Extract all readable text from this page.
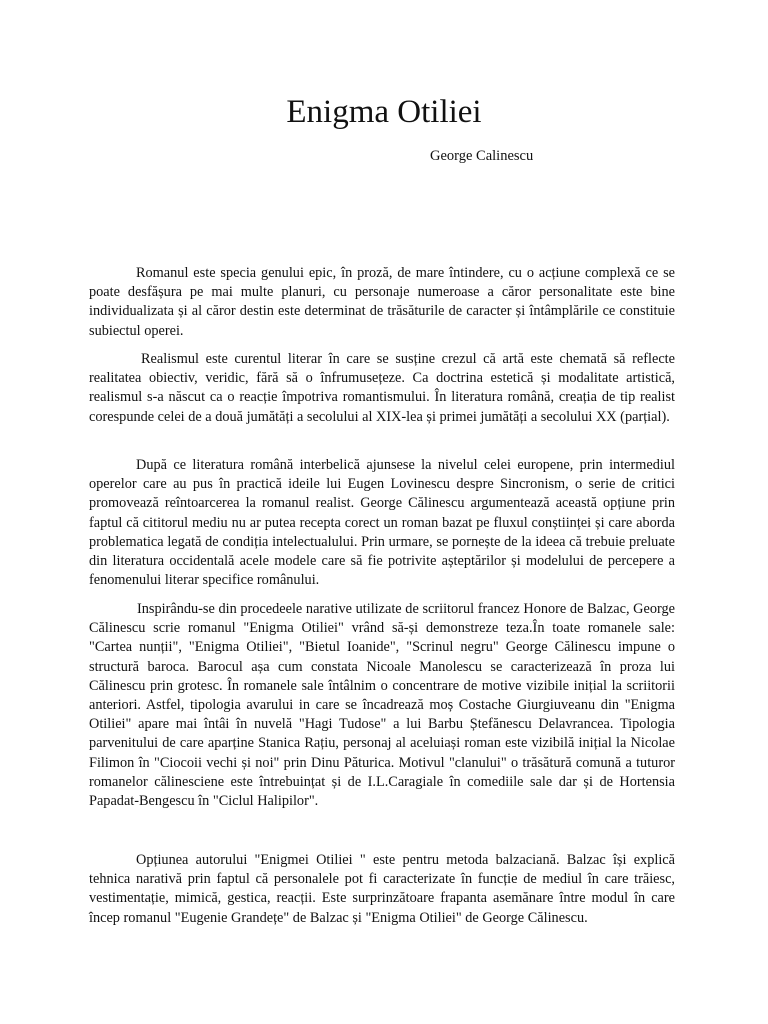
Enigma Otiliei

George Calinescu

Romanul este specia genului epic, în proză, de mare întindere, cu o acțiune complexă ce se poate desfășura pe mai multe planuri, cu personaje numeroase a căror personalitate este bine individualizata și al căror destin este determinat de trăsăturile de caracter și întâmplările ce constituie subiectul operei.

Realismul este curentul literar în care se susține crezul că artă este chemată să reflecte realitatea obiectiv, veridic, fără să o înfrumusețeze. Ca doctrina estetică și modalitate artistică, realismul s-a născut ca o reacție împotriva romantismului. În literatura română, creația de tip realist corespunde celei de a două jumătăți a secolului al XIX-lea și primei jumătăți a secolului XX (parțial).

După ce literatura română interbelică ajunsese la nivelul celei europene, prin intermediul operelor care au pus în practică ideile lui Eugen Lovinescu despre Sincronism, o serie de critici promovează reîntoarcerea la romanul realist. George Călinescu argumentează această opțiune prin faptul că cititorul mediu nu ar putea recepta corect un roman bazat pe fluxul conștiinței și care aborda problematica legată de condiția intelectualului. Prin urmare, se pornește de la ideea că trebuie preluate din literatura occidentală acele modele care să fie potrivite așteptărilor și modelului de percepere a fenomenului literar specifice românului.

Inspirându-se din procedeele narative utilizate de scriitorul francez Honore de Balzac, George Călinescu scrie romanul "Enigma Otiliei" vrând să-și demonstreze teza.În toate romanele sale: "Cartea nunții", "Enigma Otiliei", "Bietul Ioanide", "Scrinul negru" George Călinescu impune o structură baroca. Barocul așa cum constata Nicoale Manolescu se caracterizează în proza lui Călinescu prin grotesc. În romanele sale întâlnim o concentrare de motive vizibile inițial la scriitorii anteriori. Astfel, tipologia avarului in care se încadrează moș Costache Giurgiuveanu din "Enigma Otiliei" apare mai întâi în nuvelă "Hagi Tudose" a lui Barbu Ștefănescu Delavrancea. Tipologia parvenitului de care aparține Stanica Rațiu, personaj al aceluiași roman este vizibilă inițial la Nicolae Filimon în "Ciocoii vechi și noi" prin Dinu Păturica. Motivul "clanului" o trăsătură comună a tuturor romanelor călinesciene este întrebuințat și de I.L.Caragiale în comediile sale dar și de Hortensia Papadat-Bengescu în "Ciclul Halipilor".

Opțiunea autorului "Enigmei Otiliei " este pentru metoda balzaciană. Balzac își explică tehnica narativă prin faptul că personalele pot fi caracterizate în funcție de mediul în care trăiesc, vestimentație, mimică, gestica, reacții. Este surprinzătoare frapanta asemănare între modul în care încep romanul "Eugenie Grandețe" de Balzac și "Enigma Otiliei" de George Călinescu.
